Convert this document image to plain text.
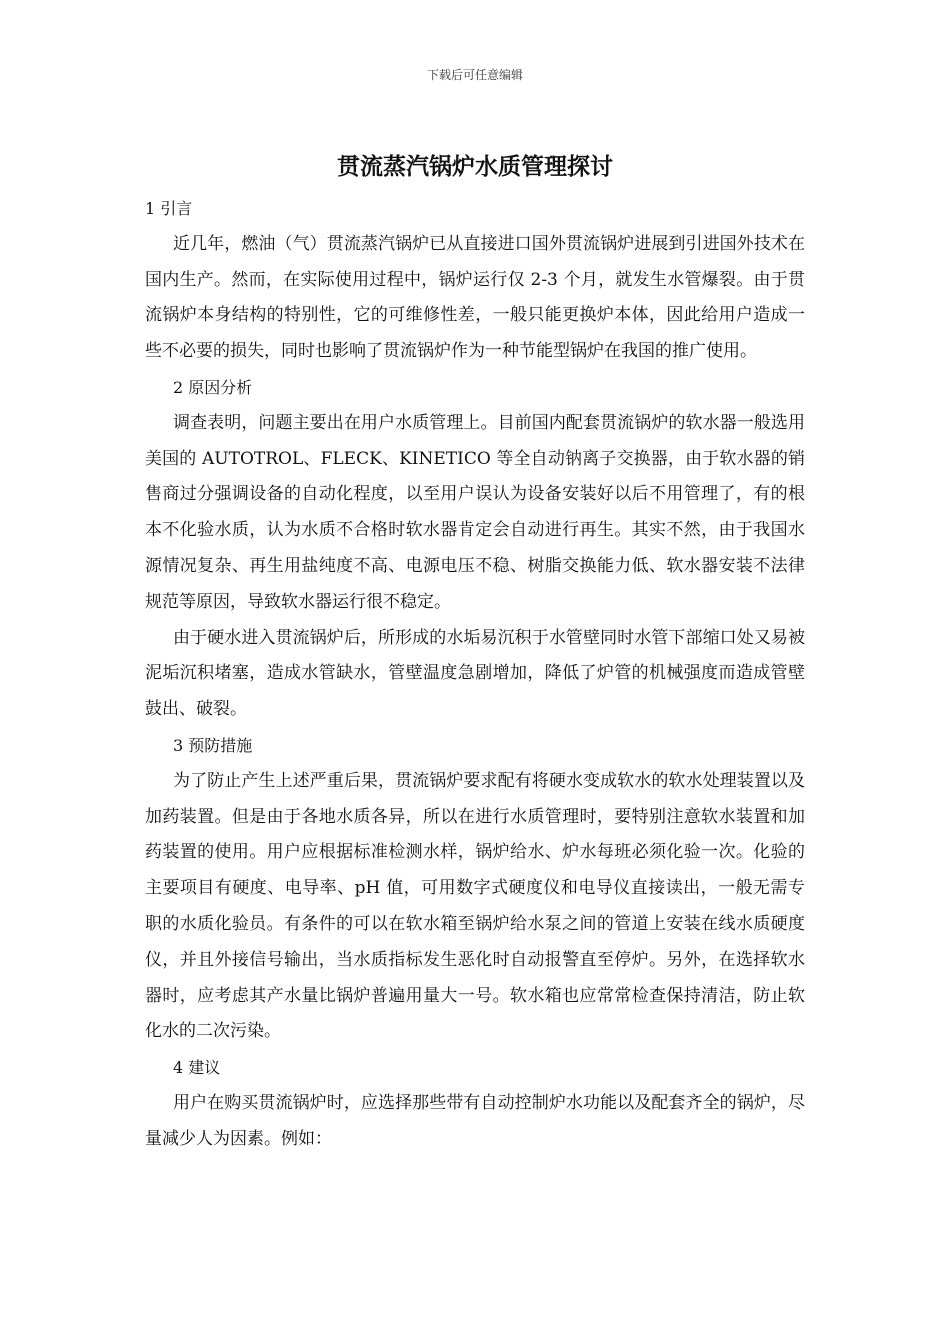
下载后可任意编辑
贯流蒸汽锅炉水质管理探讨

1 引言

近几年，燃油（气）贯流蒸汽锅炉已从直接进口国外贯流锅炉进展到引进国外技术在国内生产。然而，在实际使用过程中，锅炉运行仅 2-3 个月，就发生水管爆裂。由于贯流锅炉本身结构的特别性，它的可维修性差，一般只能更换炉本体，因此给用户造成一些不必要的损失，同时也影响了贯流锅炉作为一种节能型锅炉在我国的推广使用。

2 原因分析

调查表明，问题主要出在用户水质管理上。目前国内配套贯流锅炉的软水器一般选用美国的 AUTOTROL、FLECK、KINETICO 等全自动钠离子交换器，由于软水器的销售商过分强调设备的自动化程度，以至用户误认为设备安装好以后不用管理了，有的根本不化验水质，认为水质不合格时软水器肯定会自动进行再生。其实不然，由于我国水源情况复杂、再生用盐纯度不高、电源电压不稳、树脂交换能力低、软水器安装不法律规范等原因，导致软水器运行很不稳定。

由于硬水进入贯流锅炉后，所形成的水垢易沉积于水管壁同时水管下部缩口处又易被泥垢沉积堵塞，造成水管缺水，管壁温度急剧增加，降低了炉管的机械强度而造成管壁鼓出、破裂。

3 预防措施

为了防止产生上述严重后果，贯流锅炉要求配有将硬水变成软水的软水处理装置以及加药装置。但是由于各地水质各异，所以在进行水质管理时，要特别注意软水装置和加药装置的使用。用户应根据标准检测水样，锅炉给水、炉水每班必须化验一次。化验的主要项目有硬度、电导率、pH 值，可用数字式硬度仪和电导仪直接读出，一般无需专职的水质化验员。有条件的可以在软水箱至锅炉给水泵之间的管道上安装在线水质硬度仪，并且外接信号输出，当水质指标发生恶化时自动报警直至停炉。另外，在选择软水器时，应考虑其产水量比锅炉普遍用量大一号。软水箱也应常常检查保持清洁，防止软化水的二次污染。

4 建议

用户在购买贯流锅炉时，应选择那些带有自动控制炉水功能以及配套齐全的锅炉，尽量减少人为因素。例如：
